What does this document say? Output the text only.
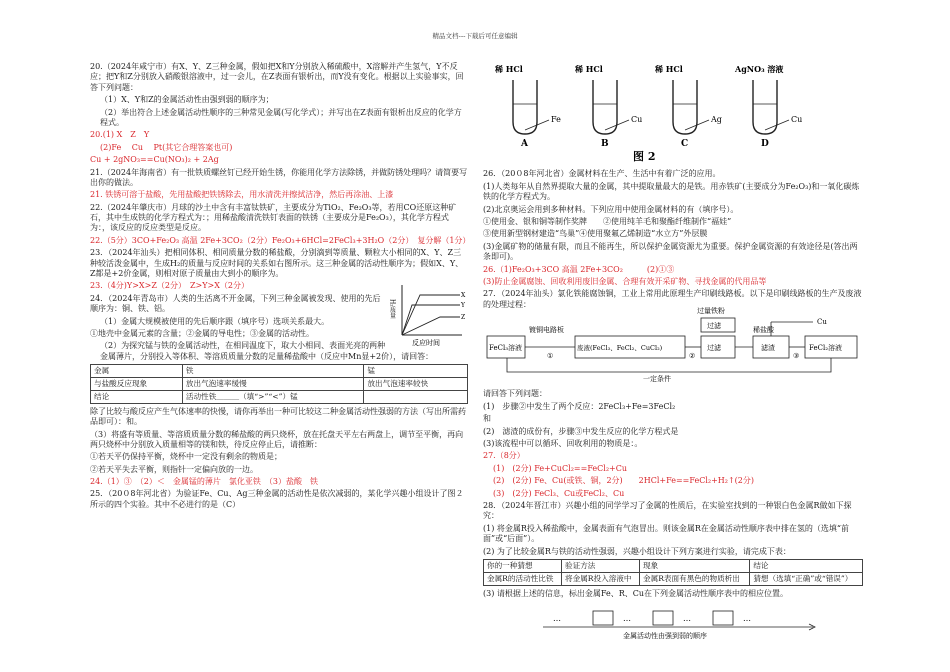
精品文档---下载后可任意编辑

20.（2024年咸宁市）有X、Y、Z三种金属，假如把X和Y分别放入稀硫酸中，X溶解并产生氢气，Y不反应；把Y和Z分别放入硝酸银溶液中，过一会儿，在Z表面有银析出，而Y没有变化。根据以上实验事实，回答下列问题：

（1）X、Y和Z的金属活动性由强到弱的顺序为；

（2）举出符合上述金属活动性顺序的三种常见金属(写化学式）；并写出在Z表面有银析出反应的化学方程式。

20.(1) X　Z　Y

(2)Fe　 Cu　 Pt(其它合理答案也可)

Cu + 2gNO₃==Cu(NO₃)₂ + 2Ag

21.（2024年海南省）有一批铁质螺丝钉已经开始生锈，你能用化学方法除锈，并做防锈处理吗？请简要写出你的做法。

21. 铁锈可溶于盐酸，先用盐酸把铁锈除去，用水清洗并擦拭洁净，然后再涂油、上漆

22.（2024年肇庆市）月球的沙土中含有丰富钛铁矿，主要成分为TiO₂、Fe₂O₃等，若用CO还原这种矿石，其中生成铁的化学方程式为：；用稀盐酸清洗铁钉表面的铁锈（主要成分是Fe₂O₃），其化学方程式为：，该反应的反应类型是反应。

22.（5分）3CO+Fe₂O₃ 高温 2Fe+3CO₂（2分）Fe₂O₃+6HCl=2FeCl₃+3H₂O（2分）　复分解（1分）

23．（2024年汕头）把相同体积、相同质量分数的稀盐酸，分别滴到等质量、颗粒大小相同的X、Y、Z三种较活泼金属中，生成H₂的质量与反应时间的关系如右图所示。这三种金属的活动性顺序为；假如X、Y、Z都是+2价金属，则相对原子质量由大到小的顺序为。

H₂质量
反应时间
X
Y
Z

23.（4分)Y>X>Z（2分）　Z>Y>X（2分）

24．（2024年青岛市）人类的生活离不开金属，下列三种金属被发现、使用的先后顺序为：铜、铁、铝。

（1）金属大规模被使用的先后顺序跟（填序号）选项关系最大。

①地壳中金属元素的含量；②金属的导电性；③金属的活动性。

（2）为探究锰与铁的金属活动性，在相同温度下，取大小相同、表面光亮的两种金属薄片，分别投入等体积、等溶质质量分数的足量稀盐酸中（反应中Mn显+2价），请回答：

金属	铁	锰
与盐酸反应现象	放出气泡速率缓慢	放出气泡速率较快
结论	活动性铁＿＿＿（填“>”“<”）锰	

除了比较与酸反应产生气体速率的快慢，请你再举出一种可比较这二种金属活动性强弱的方法（写出所需药品即可）：和。

（3）将盛有等质量、等溶质质量分数的稀盐酸的两只烧杯，放在托盘天平左右两盘上，调节至平衡，再向两只烧杯中分别放入质量相等的镁和铁，待反应停止后，请推断：

①若天平仍保持平衡，烧杯中一定没有剩余的物质是；

②若天平失去平衡，则指针一定偏向放的一边。

24.（1）③　（2）＜　金属锰的薄片　氯化亚铁　（3）盐酸　铁

25．（20０8年河北省）为验证Fe、Cu、Ag三种金属的活动性是依次减弱的，某化学兴趣小组设计了图２所示的四个实验。其中不必进行的是（C）

稀 HCl
Fe
A
稀 HCl
Cu
B
稀 HCl
Ag
C
AgNO₃ 溶液
Cu
D
图 2

26．（20０8年河北省）金属材料在生产、生活中有着广泛的应用。

(1)人类每年从自然界提取大量的金属，其中提取量最大的是铁。用赤铁矿(主要成分为Fe₂O₃)和一氧化碳炼铁的化学方程式为。

(2)北京奥运会用到多种材料。下列应用中使用金属材料的有（填序号）。

①使用金、银和铜等制作奖牌　　②使用纯羊毛和聚酯纤维制作“福娃”

③使用新型钢材建造“鸟巢”④使用聚氟乙烯制造“水立方”外层膜

(3)金属矿物的储量有限，而且不能再生，所以保护金属资源尤为重要。保护金属资源的有效途径是(答出两条即可)。

26.（1)Fe₂O₃+3CO 高温 2Fe+3CO₂　　　(2)①③

(3)防止金属腐蚀、回收利用废旧金属、合理有效开采矿物、寻找金属的代用品等

27．（2024年汕头）氯化铁能腐蚀铜，工业上常用此原理生产印刷线路板。以下是印刷线路板的生产及废液的处理过程：

FeCl₃溶液	废液(FeCl₃、FeCl₂、CuCl₂)	过滤	滤渣
过滤
FeCl₂溶液
镀铜电路板
过量铁粉
稀盐酸
Cu
一定条件
①	②	③

请回答下列问题：

(1)　步骤②中发生了两个反应：2FeCl₃+Fe=3FeCl₂

和

(2)　滤渣的成份有，步骤③中发生反应的化学方程式是

(3)该流程中可以循环、回收利用的物质是：。

27.（8分）

(1)　(2分) Fe+CuCl₂==FeCl₂+Cu

(2)　(2分) Fe、Cu(或铁、铜，2分)　　2HCl+Fe==FeCl₂+H₂↑(2分)

(3)　(2分) FeCl₃、Cu或FeCl₂、Cu

28．（2024年晋江市）兴趣小组的同学学习了金属的性质后，在实验室找到的一种银白色金属R做如下探究：

(1) 将金属R投入稀盐酸中，金属表面有气泡冒出。则该金属R在金属活动性顺序表中排在氢的（选填“前面”或“后面”）。

(2) 为了比较金属R与铁的活动性强弱，兴趣小组设计下列方案进行实验，请完成下表：

你的一种猜想	验证方法	现象	结论
金属R的活动性比铁	将金属R投入溶液中	金属R表面有黑色的物质析出	猜想（选填“正确”或“错误”）

(3) 请根据上述的信息，标出金属Fe、R、Cu在下列金属活动性顺序表中的相应位置。

…	…	…	…
金属活动性由强到弱的顺序
